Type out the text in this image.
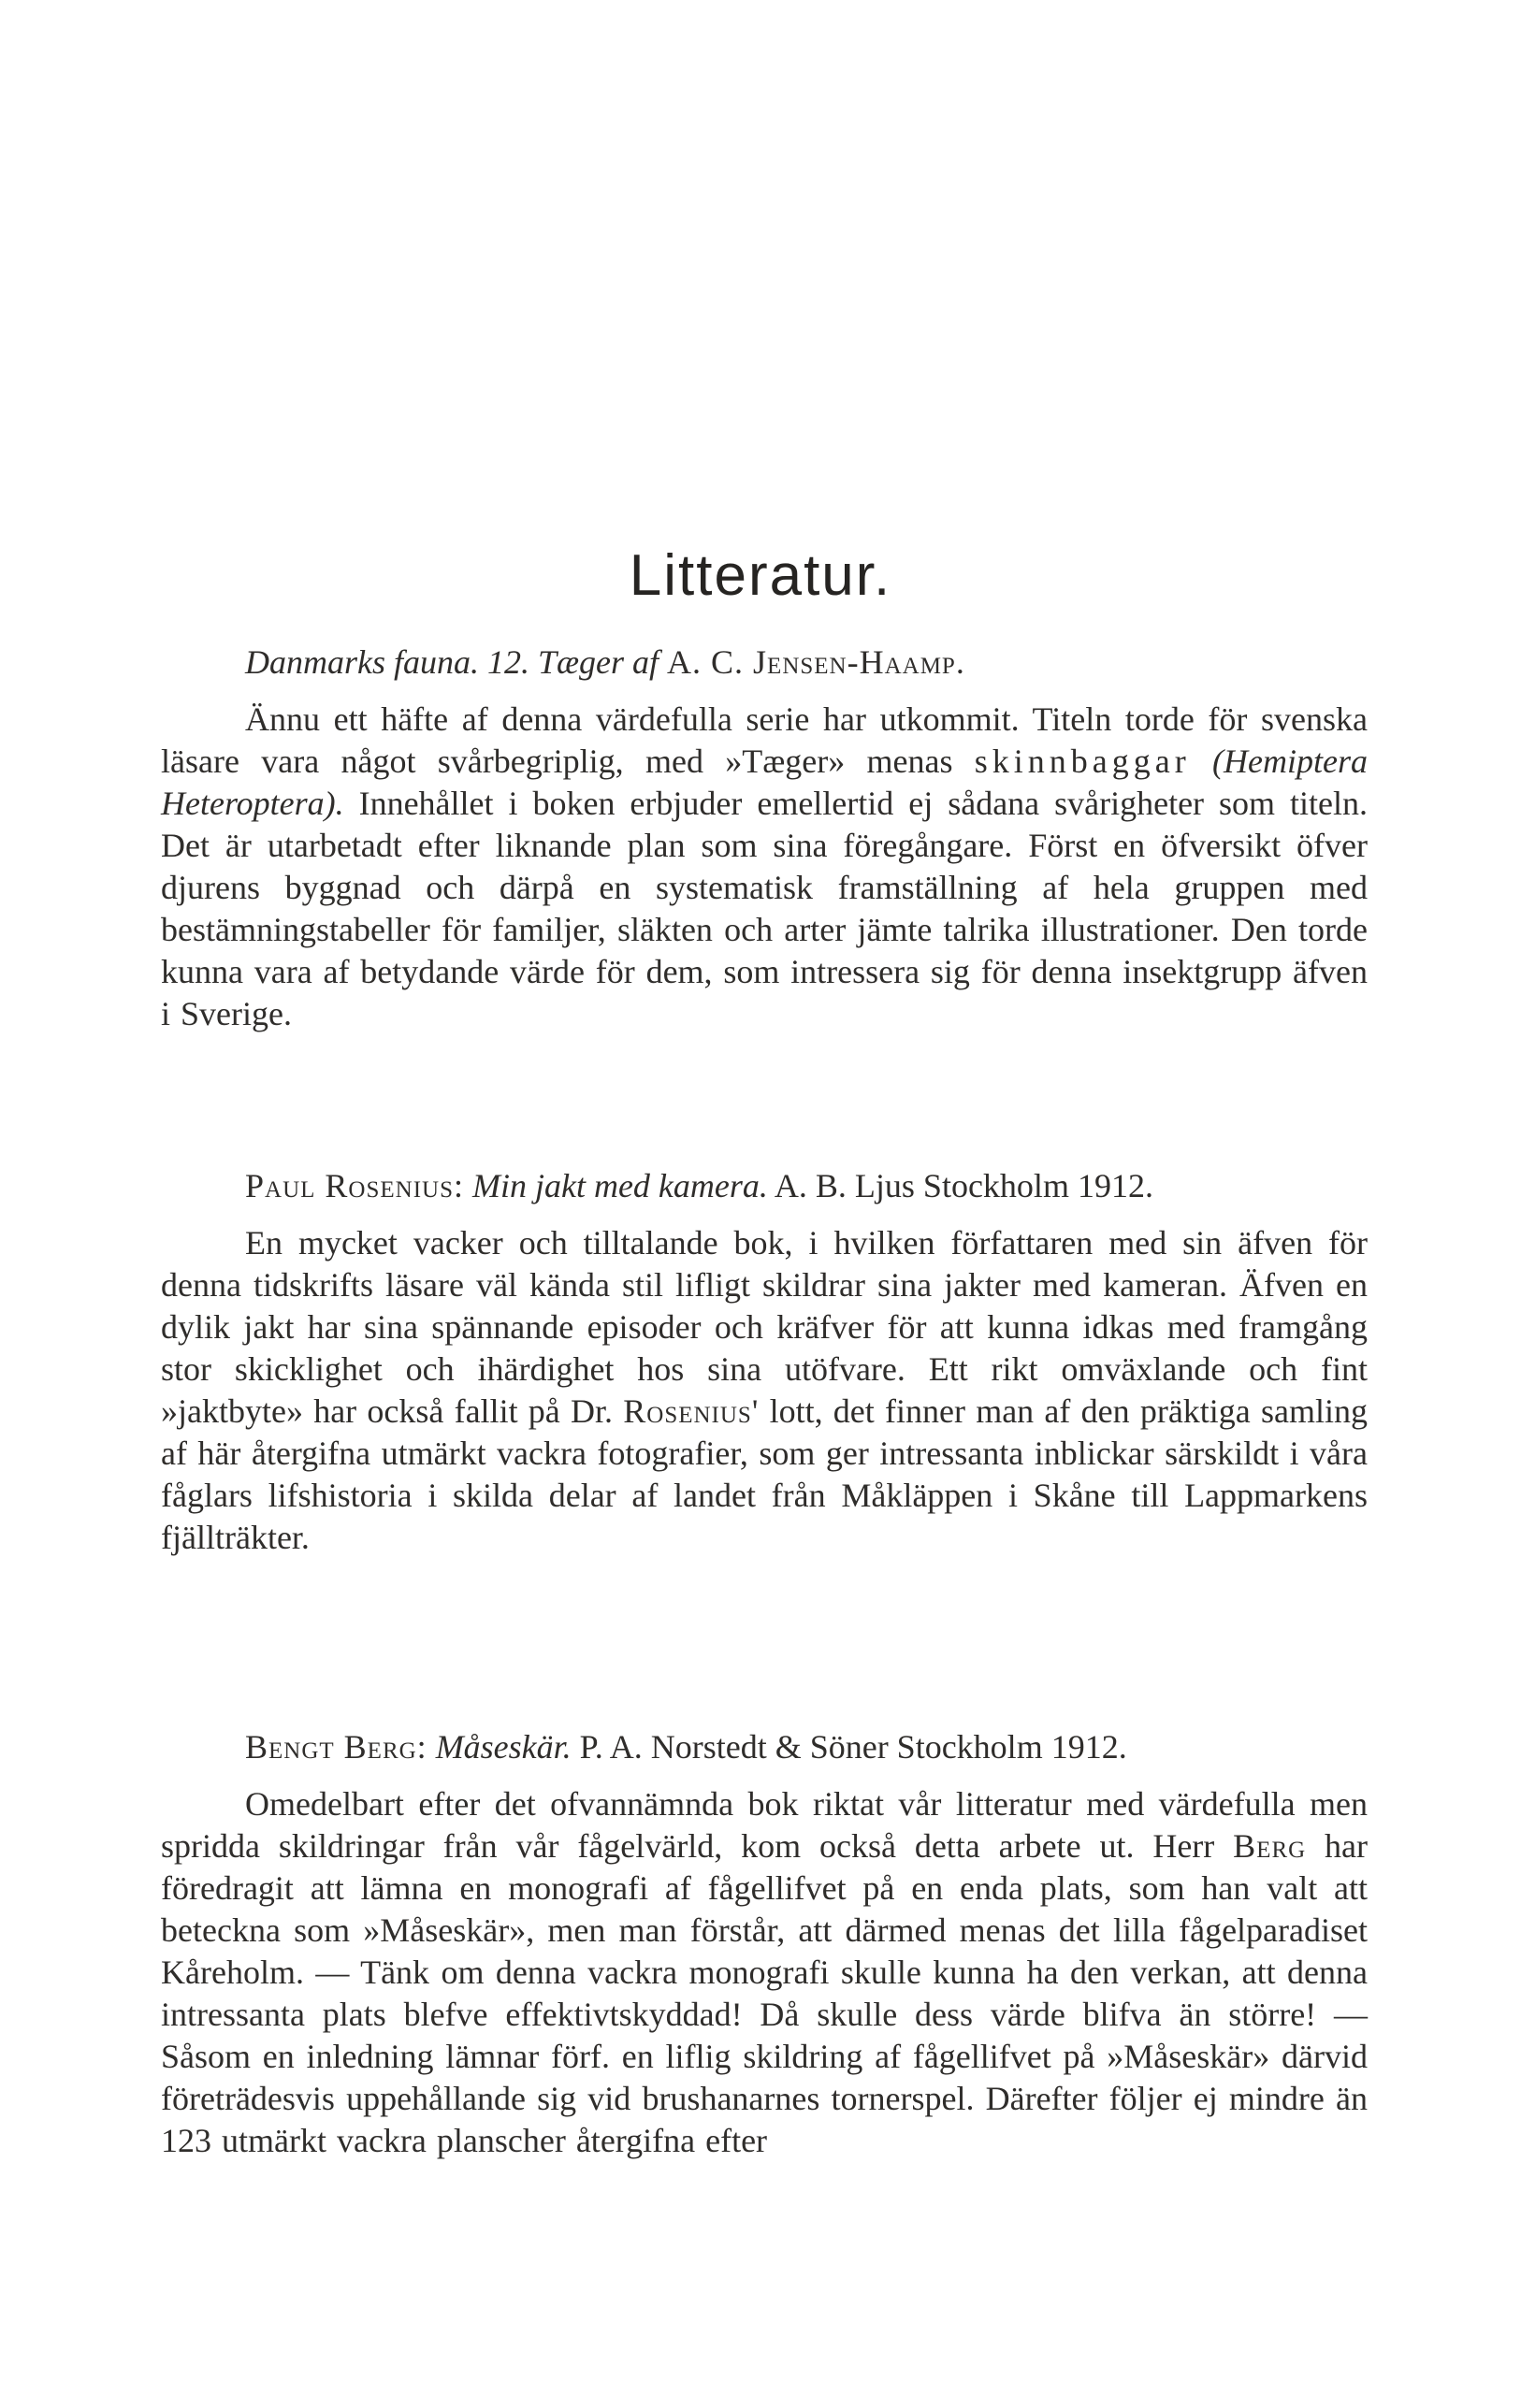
Litteratur.

Danmarks fauna. 12. Tæger af A. C. Jensen-Haamp.

Ännu ett häfte af denna värdefulla serie har utkommit. Titeln torde för svenska läsare vara något svårbegriplig, med »Tæger» menas skinnbaggar (Hemiptera Heteroptera). Innehållet i boken erbjuder emellertid ej sådana svårigheter som titeln. Det är utarbetadt efter liknande plan som sina föregångare. Först en öfversikt öfver djurens byggnad och därpå en systematisk framställning af hela gruppen med bestämningstabeller för familjer, släkten och arter jämte talrika illustrationer. Den torde kunna vara af betydande värde för dem, som intressera sig för denna insektgrupp äfven i Sverige.

Paul Rosenius: Min jakt med kamera. A. B. Ljus Stockholm 1912.

En mycket vacker och tilltalande bok, i hvilken författaren med sin äfven för denna tidskrifts läsare väl kända stil lifligt skildrar sina jakter med kameran. Äfven en dylik jakt har sina spännande episoder och kräfver för att kunna idkas med framgång stor skicklighet och ihärdighet hos sina utöfvare. Ett rikt omväxlande och fint »jaktbyte» har också fallit på Dr. Rosenius' lott, det finner man af den präktiga samling af här återgifna utmärkt vackra fotografier, som ger intressanta inblickar särskildt i våra fåglars lifshistoria i skilda delar af landet från Måkläppen i Skåne till Lappmarkens fjällträkter.

Bengt Berg: Måseskär. P. A. Norstedt & Söner Stockholm 1912.

Omedelbart efter det ofvannämnda bok riktat vår litteratur med värdefulla men spridda skildringar från vår fågelvärld, kom också detta arbete ut. Herr Berg har föredragit att lämna en monografi af fågellifvet på en enda plats, som han valt att beteckna som »Måseskär», men man förstår, att därmed menas det lilla fågelparadiset Kåreholm. — Tänk om denna vackra monografi skulle kunna ha den verkan, att denna intressanta plats blefve effektivtskyddad! Då skulle dess värde blifva än större! — Såsom en inledning lämnar förf. en liflig skildring af fågellifvet på »Måseskär» därvid företrädesvis uppehållande sig vid brushanarnes tornerspel. Därefter följer ej mindre än 123 utmärkt vackra planscher återgifna efter
